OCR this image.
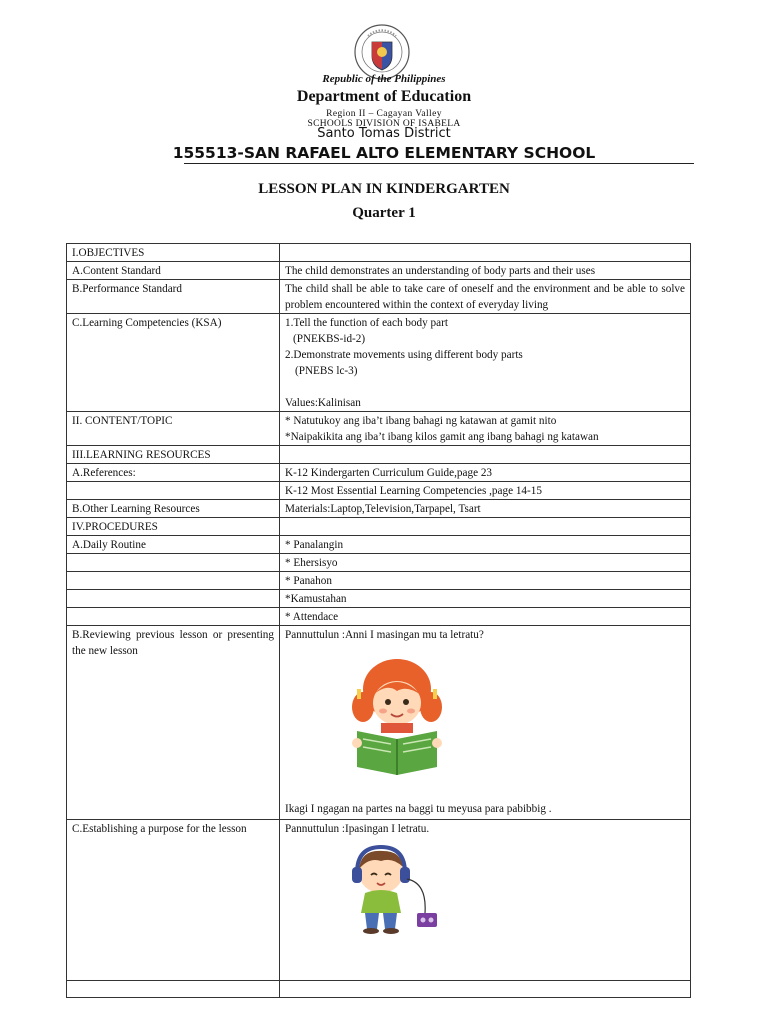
Republic of the Philippines
Department of Education
Region II – Cagayan Valley
SCHOOLS DIVISION OF ISABELA
Santo Tomas District
155513-SAN RAFAEL ALTO ELEMENTARY SCHOOL
LESSON PLAN IN KINDERGARTEN
Quarter 1
I.OBJECTIVES	
A.Content Standard	The child demonstrates an understanding of body parts and their uses
B.Performance Standard	The child shall be able to take care of oneself and the environment and be able to solve problem encountered within the context of everyday living
C.Learning Competencies (KSA)	1.Tell the function of each body part
(PNEKBS-id-2)
2.Demonstrate movements using different body parts
(PNEBS lc-3)
Values:Kalinisan

II. CONTENT/TOPIC	* Natutukoy ang iba’t ibang bahagi ng katawan at gamit nito
*Naipakikita ang iba’t ibang kilos gamit ang ibang bahagi ng katawan

III.LEARNING RESOURCES	
A.References:	K-12 Kindergarten Curriculum Guide,page 23
	K-12 Most Essential Learning Competencies ,page 14-15
B.Other Learning Resources	Materials:Laptop,Television,Tarpapel, Tsart
IV.PROCEDURES	
A.Daily Routine	* Panalangin
	* Ehersisyo
	* Panahon
	*Kamustahan
	* Attendace
B.Reviewing previous lesson or presenting the new lesson	Pannuttulun :Anni I masingan mu ta letratu?
Ikagi I ngagan na partes na baggi tu meyusa para pabibbig .

C.Establishing a purpose for the lesson	Pannuttulun :Ipasingan I letratu.
